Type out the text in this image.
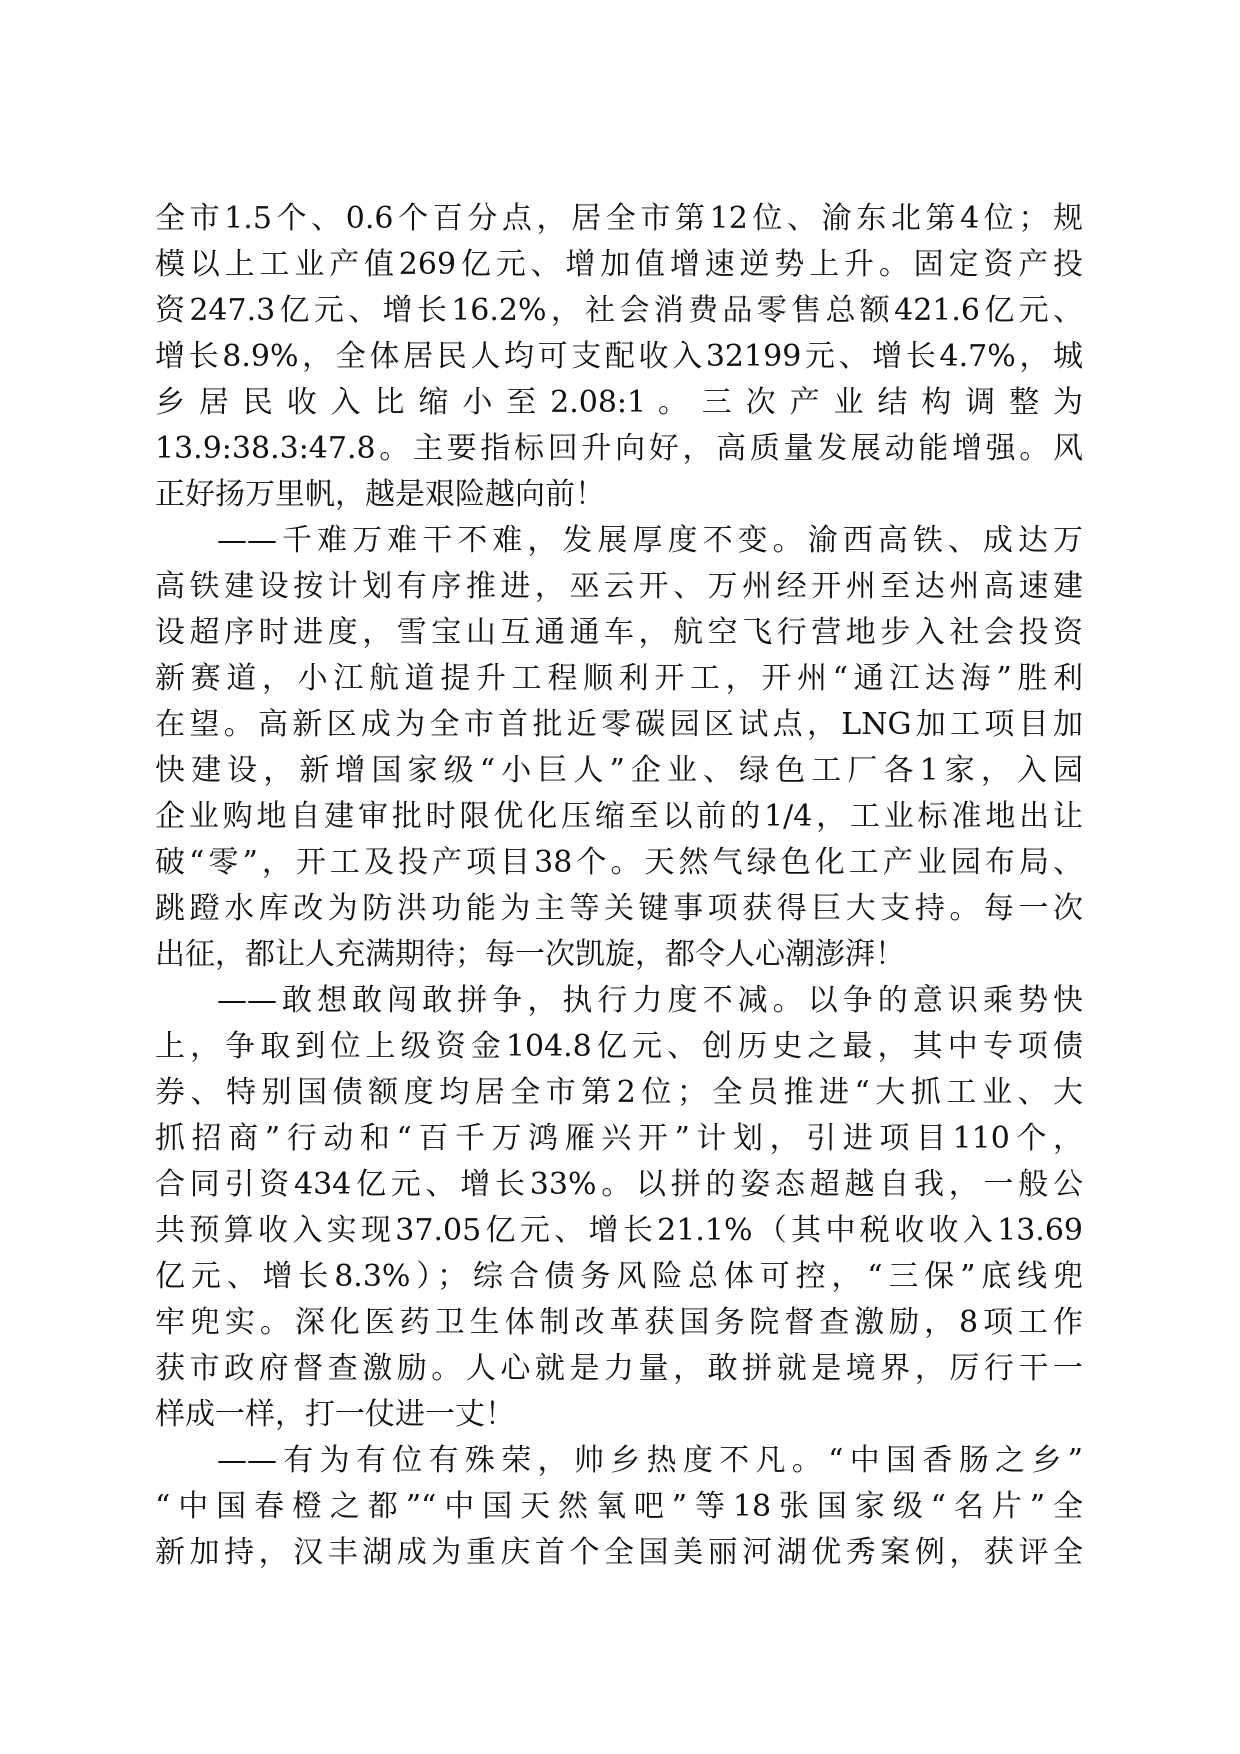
全市1.5个、0.6个百分点，居全市第12位、渝东北第4位；规
模以上工业产值269亿元、增加值增速逆势上升。固定资产投
资247.3亿元、增长16.2%，社会消费品零售总额421.6亿元、
增长8.9%，全体居民人均可支配收入32199元、增长4.7%，城
乡 居 民 收 入 比 缩 小 至 2.08:1 。 三 次 产 业 结 构 调 整 为
13.9:38.3:47.8。主要指标回升向好，高质量发展动能增强。风
正好扬万里帆，越是艰险越向前！
——千难万难干不难，发展厚度不变。渝西高铁、成达万
高铁建设按计划有序推进，巫云开、万州经开州至达州高速建
设超序时进度，雪宝山互通通车，航空飞行营地步入社会投资
新赛道，小江航道提升工程顺利开工，开州“通江达海”胜利
在望。高新区成为全市首批近零碳园区试点，LNG加工项目加
快建设，新增国家级“小巨人”企业、绿色工厂各1家，入园
企业购地自建审批时限优化压缩至以前的1/4，工业标准地出让
破“零”，开工及投产项目38个。天然气绿色化工产业园布局、
跳蹬水库改为防洪功能为主等关键事项获得巨大支持。每一次
出征，都让人充满期待；每一次凯旋，都令人心潮澎湃！
——敢想敢闯敢拼争，执行力度不减。以争的意识乘势快
上，争取到位上级资金104.8亿元、创历史之最，其中专项债
券、特别国债额度均居全市第2位；全员推进“大抓工业、大
抓招商”行动和“百千万鸿雁兴开”计划，引进项目110个，
合同引资434亿元、增长33%。以拼的姿态超越自我，一般公
共预算收入实现37.05亿元、增长21.1%（其中税收收入13.69
亿元、增长8.3%）；综合债务风险总体可控，“三保”底线兜
牢兜实。深化医药卫生体制改革获国务院督查激励，8项工作
获市政府督查激励。人心就是力量，敢拼就是境界，厉行干一
样成一样，打一仗进一丈！
——有为有位有殊荣，帅乡热度不凡。“中国香肠之乡”
“中国春橙之都”“中国天然氧吧”等18张国家级“名片”全
新加持，汉丰湖成为重庆首个全国美丽河湖优秀案例，获评全
